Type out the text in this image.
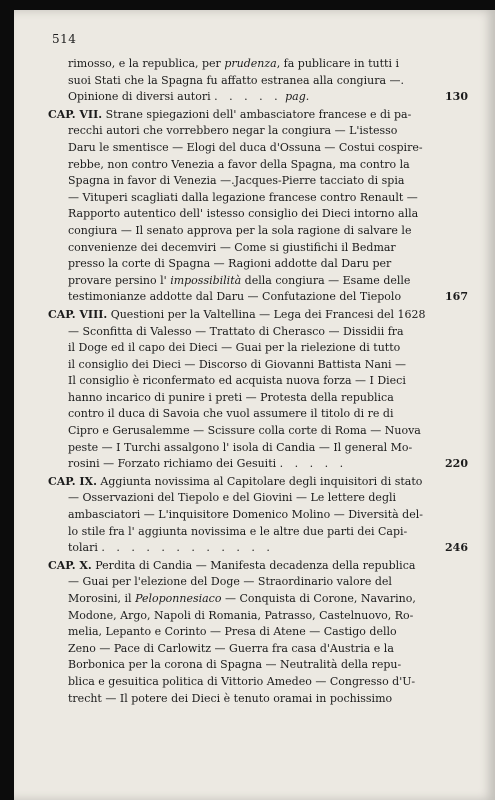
514
rimosso, e la republica, per prudenza, fa publicare in tutti i
suoi Stati che la Spagna fu affatto estranea alla congiura —.
130
Opinione di diversi autori . . . . . pag.
CAP. VII. Strane spiegazioni dell' ambasciatore francese e di pa-
recchi autori che vorrebbero negar la congiura — L'istesso
Daru le smentisce — Elogi del duca d'Ossuna — Costui cospire-
rebbe, non contro Venezia a favor della Spagna, ma contro la
Spagna in favor di Venezia —.Jacques-Pierre tacciato di spia
— Vituperi scagliati dalla legazione francese contro Renault —
Rapporto autentico dell' istesso consiglio dei Dieci intorno alla
congiura — Il senato approva per la sola ragione di salvare le
convenienze dei decemviri — Come si giustifichi il Bedmar
presso la corte di Spagna — Ragioni addotte dal Daru per
provare persino l' impossibilità della congiura — Esame delle
167
testimonianze addotte dal Daru — Confutazione del Tiepolo
CAP. VIII. Questioni per la Valtellina — Lega dei Francesi del 1628
— Sconfitta di Valesso — Trattato di Cherasco — Dissidii fra
il Doge ed il capo dei Dieci — Guai per la rielezione di tutto
il consiglio dei Dieci — Discorso di Giovanni Battista Nani —
Il consiglio è riconfermato ed acquista nuova forza — I Dieci
hanno incarico di punire i preti — Protesta della republica
contro il duca di Savoia che vuol assumere il titolo di re di
Cipro e Gerusalemme — Scissure colla corte di Roma — Nuova
peste — I Turchi assalgono l' isola di Candia — Il general Mo-
220
rosini — Forzato richiamo dei Gesuiti . . . . .
CAP. IX. Aggiunta novissima al Capitolare degli inquisitori di stato
— Osservazioni del Tiepolo e del Giovini — Le lettere degli
ambasciatori — L'inquisitore Domenico Molino — Diversità del-
lo stile fra l' aggiunta novissima e le altre due parti dei Capi-
246
tolari . . . . . . . . . . . .
CAP. X. Perdita di Candia — Manifesta decadenza della republica
— Guai per l'elezione del Doge — Straordinario valore del
Morosini, il Peloponnesiaco — Conquista di Corone, Navarino,
Modone, Argo, Napoli di Romania, Patrasso, Castelnuovo, Ro-
melia, Lepanto e Corinto — Presa di Atene — Castigo dello
Zeno — Pace di Carlowitz — Guerra fra casa d'Austria e la
Borbonica per la corona di Spagna — Neutralità della repu-
blica e gesuitica politica di Vittorio Amedeo — Congresso d'U-
trecht — Il potere dei Dieci è tenuto oramai in pochissimo
